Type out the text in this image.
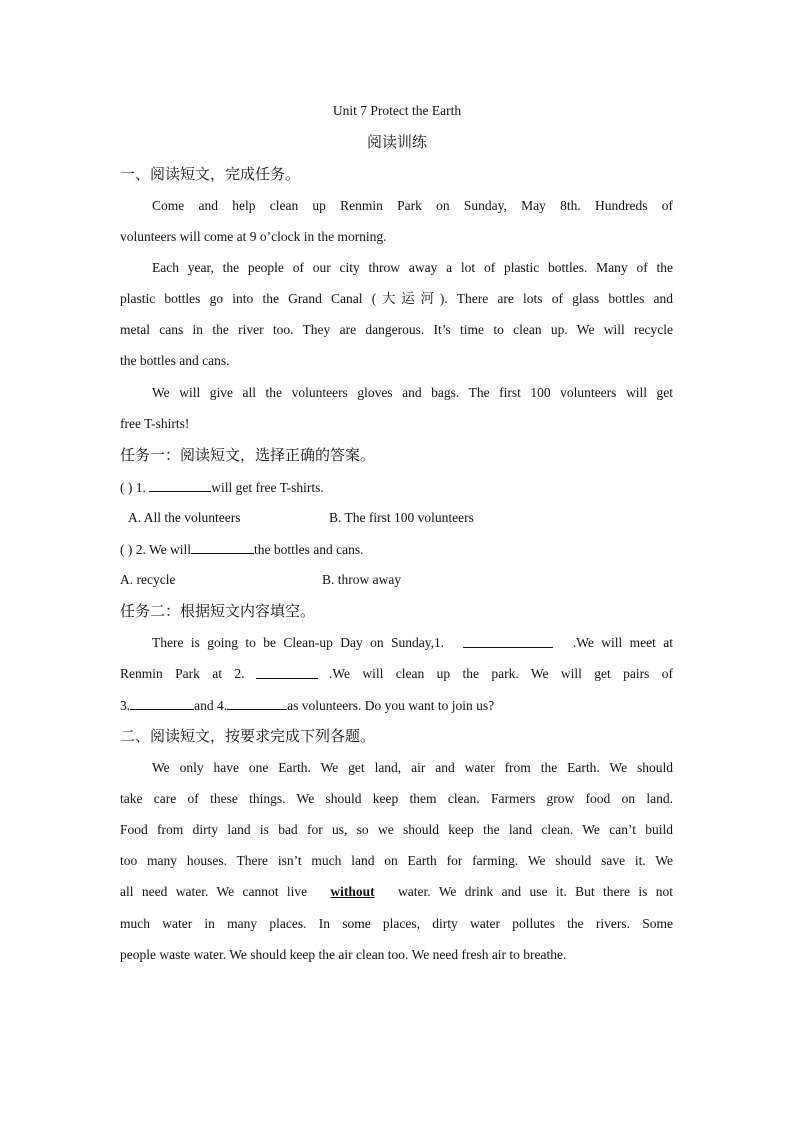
Unit 7 Protect the Earth
阅读训练
一、阅读短文，完成任务。
Come and help clean up Renmin Park on Sunday, May 8th. Hundreds of
volunteers will come at 9 o’clock in the morning.
Each year, the people of our city throw away a lot of plastic bottles. Many of the
plastic bottles go into the Grand Canal (大运河). There are lots of glass bottles and
metal cans in the river too. They are dangerous. It’s time to clean up. We will recycle
the bottles and cans.
We will give all the volunteers gloves and bags. The first 100 volunteers will get
free T-shirts!
任务一：阅读短文，选择正确的答案。
( ) 1.	will get free T-shirts.
A. All the volunteers	B. The first 100 volunteers
( ) 2. We will	the bottles and cans.
A. recycle	B. throw away
任务二：根据短文内容填空。
There is going to be Clean-up Day on Sunday,1.	.We will meet at
Renmin Park at 2.	.We will clean up the park. We will get pairs of
3.	and 4.	as volunteers. Do you want to join us?
二、阅读短文，按要求完成下列各题。
We only have one Earth. We get land, air and water from the Earth. We should
take care of these things. We should keep them clean. Farmers grow food on land.
Food from dirty land is bad for us, so we should keep the land clean. We can’t build
too many houses. There isn’t much land on Earth for farming. We should save it. We
all need water. We cannot live without water. We drink and use it. But there is not
much water in many places. In some places, dirty water pollutes the rivers. Some
people waste water. We should keep the air clean too. We need fresh air to breathe.
